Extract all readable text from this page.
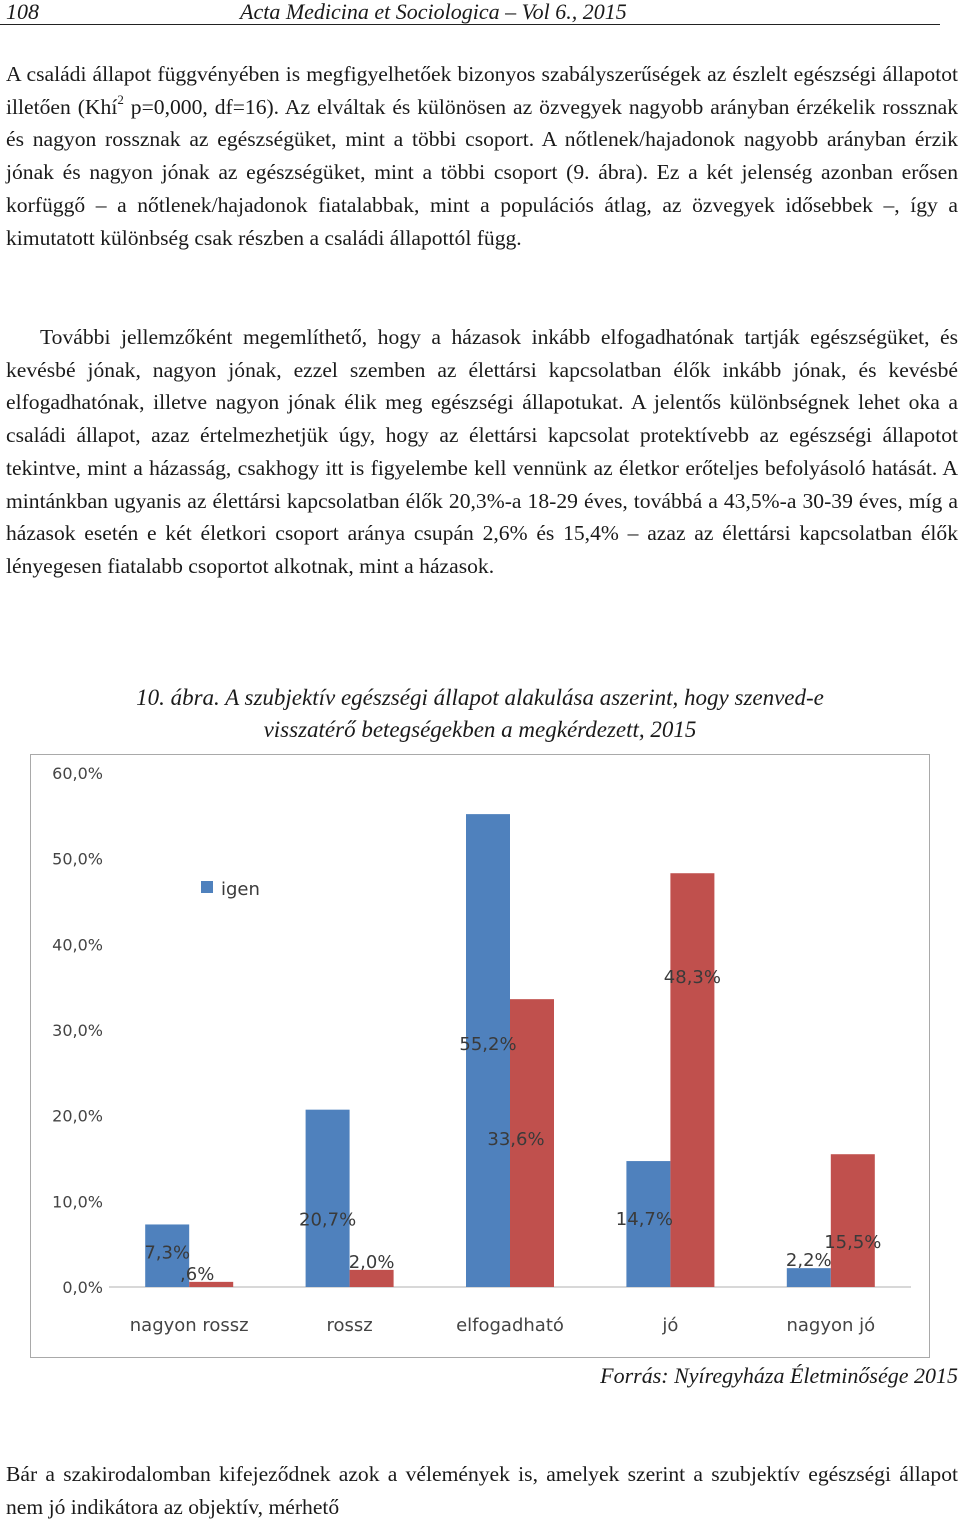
108	Acta Medicina et Sociologica – Vol 6., 2015

A családi állapot függvényében is megfigyelhetőek bizonyos szabályszerűségek az észlelt egészségi állapotot illetően (Khí$^2$ p=0,000, df=16). Az elváltak és különösen az özvegyek nagyobb arányban érzékelik rossznak és nagyon rossznak az egészségüket, mint a többi csoport. A nőtlenek/hajadonok nagyobb arányban érzik jónak és nagyon jónak az egészségüket, mint a többi csoport (9. ábra). Ez a két jelenség azonban erősen korfüggő – a nőtlenek/hajadonok fiatalabbak, mint a populációs átlag, az özvegyek idősebbek –, így a kimutatott különbség csak részben a családi állapottól függ.

További jellemzőként megemlíthető, hogy a házasok inkább elfogadhatónak tartják egészségüket, és kevésbé jónak, nagyon jónak, ezzel szemben az élettársi kapcsolatban élők inkább jónak, és kevésbé elfogadhatónak, illetve nagyon jónak élik meg egészségi állapotukat. A jelentős különbségnek lehet oka a családi állapot, azaz értelmezhetjük úgy, hogy az élettársi kapcsolat protektívebb az egészségi állapotot tekintve, mint a házasság, csakhogy itt is figyelembe kell vennünk az életkor erőteljes befolyásoló hatását. A mintánkban ugyanis az élettársi kapcsolatban élők 20,3%-a 18-29 éves, továbbá a 43,5%-a 30-39 éves, míg a házasok esetén e két életkori csoport aránya csupán 2,6% és 15,4% – azaz az élettársi kapcsolatban élők lényegesen fiatalabb csoportot alkotnak, mint a házasok.

10. ábra. A szubjektív egészségi állapot alakulása aszerint, hogy szenved-e
visszatérő betegségekben a megkérdezett, 2015
0,0%
10,0%
20,0%
30,0%
40,0%
50,0%
60,0%
nagyon rossz	rossz	elfogadható	jó	nagyon jó
7,3%
,6%
20,7%
2,0%
55,2%
33,6%
14,7%
48,3%
2,2%
15,5%
igen
Forrás: Nyíregyháza Életminősége 2015

Bár a szakirodalomban kifejeződnek azok a vélemények is, amelyek szerint a szubjektív egészségi állapot nem jó indikátora az objektív, mérhető
